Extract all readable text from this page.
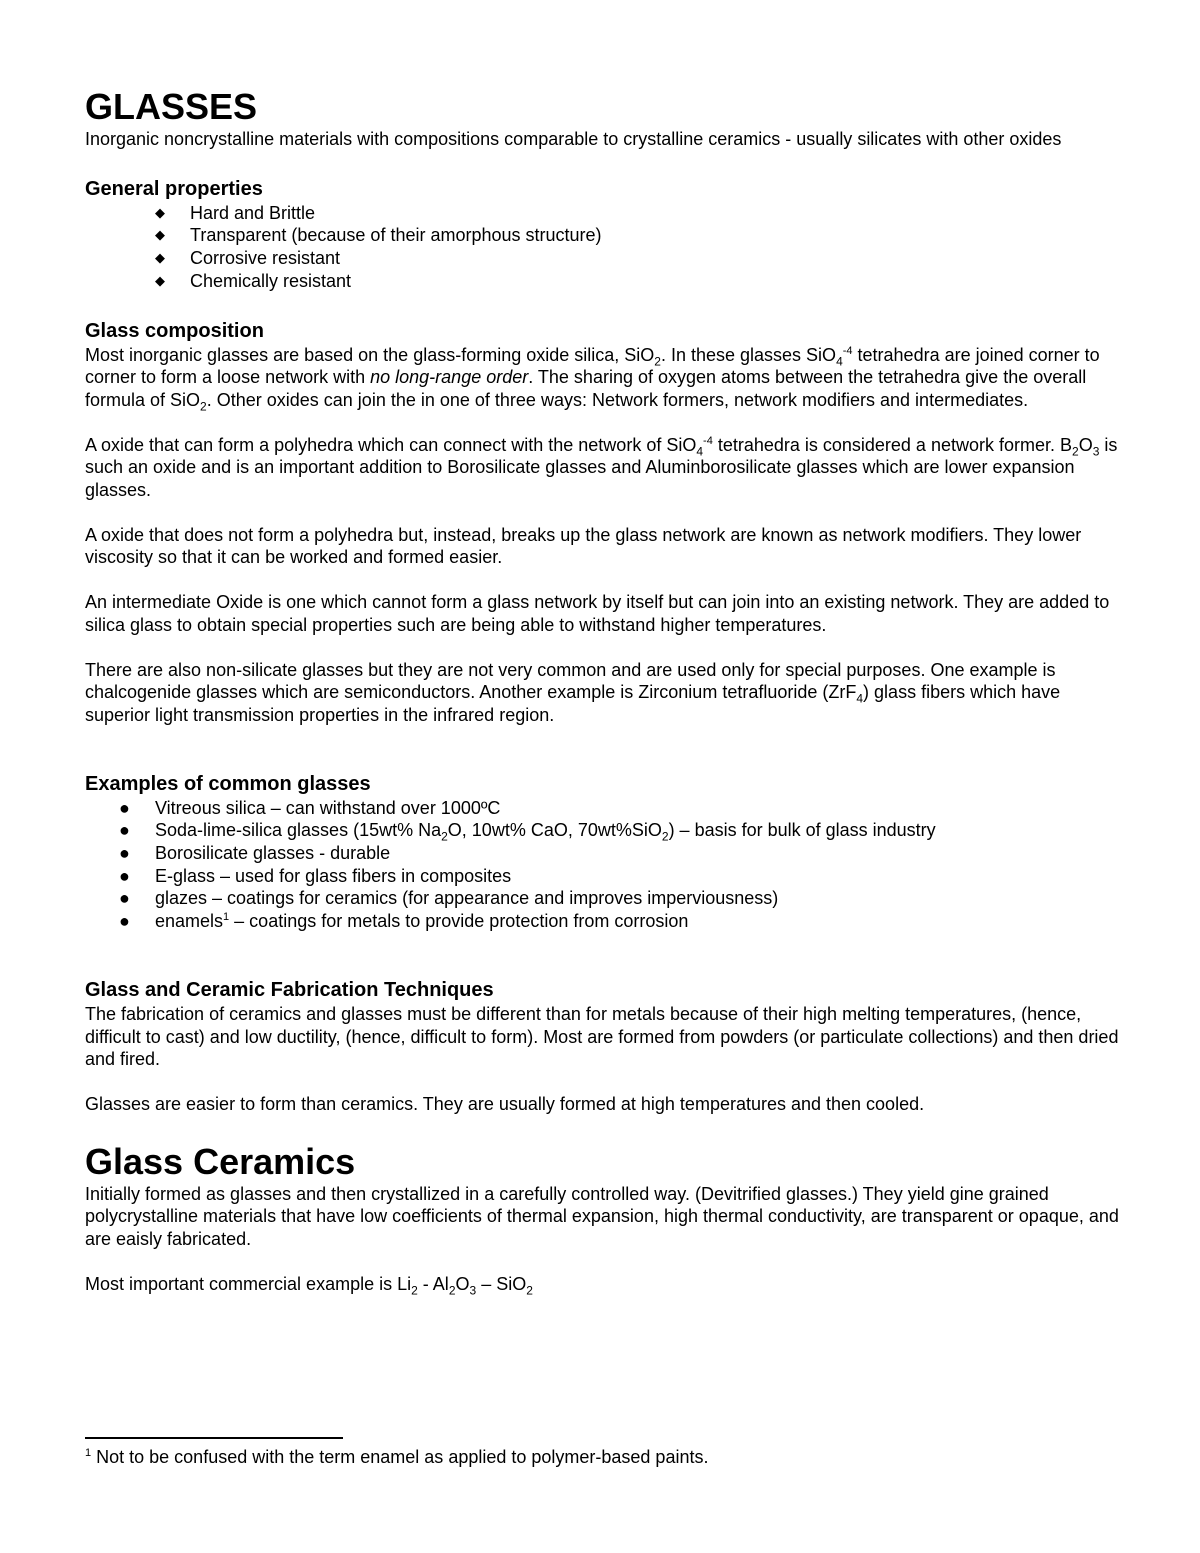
GLASSES

Inorganic noncrystalline materials with compositions comparable to crystalline ceramics - usually silicates with other oxides

General properties
◆ Hard and Brittle
◆ Transparent (because of their amorphous structure)
◆ Corrosive resistant
◆ Chemically resistant
Glass composition

Most inorganic glasses are based on the glass-forming oxide silica, SiO$_2$. In these glasses SiO$_4^{-4}$ tetrahedra are joined corner to corner to form a loose network with no long-range order. The sharing of oxygen atoms between the tetrahedra give the overall formula of SiO$_2$. Other oxides can join the in one of three ways: Network formers, network modifiers and intermediates.

A oxide that can form a polyhedra which can connect with the network of SiO$_4^{-4}$ tetrahedra is considered a network former. $B_2O_3$ is such an oxide and is an important addition to Borosilicate glasses and Aluminborosilicate glasses which are lower expansion glasses.

A oxide that does not form a polyhedra but, instead, breaks up the glass network are known as network modifiers. They lower viscosity so that it can be worked and formed easier.

An intermediate Oxide is one which cannot form a glass network by itself but can join into an existing network. They are added to silica glass to obtain special properties such are being able to withstand higher temperatures.

There are also non-silicate glasses but they are not very common and are used only for special purposes. One example is chalcogenide glasses which are semiconductors. Another example is Zirconium tetrafluoride (ZrF$_4$) glass fibers which have superior light transmission properties in the infrared region.

Examples of common glasses
● Vitreous silica – can withstand over 1000ºC
● Soda-lime-silica glasses (15wt% $Na_2O$, 10wt% CaO, 70wt%SiO$_2$) – basis for bulk of glass industry
● Borosilicate glasses - durable
● E-glass – used for glass fibers in composites
● glazes – coatings for ceramics (for appearance and improves imperviousness)
● enamels$^1$ – coatings for metals to provide protection from corrosion
Glass and Ceramic Fabrication Techniques

The fabrication of ceramics and glasses must be different than for metals because of their high melting temperatures, (hence, difficult to cast) and low ductility, (hence, difficult to form). Most are formed from powders (or particulate collections) and then dried and fired.

Glasses are easier to form than ceramics. They are usually formed at high temperatures and then cooled.

Glass Ceramics

Initially formed as glasses and then crystallized in a carefully controlled way. (Devitrified glasses.) They yield gine grained polycrystalline materials that have low coefficients of thermal expansion, high thermal conductivity, are transparent or opaque, and are eaisly fabricated.

Most important commercial example is $Li_2 - Al_2O_3 - SiO_2$

$^1$ Not to be confused with the term enamel as applied to polymer-based paints.
